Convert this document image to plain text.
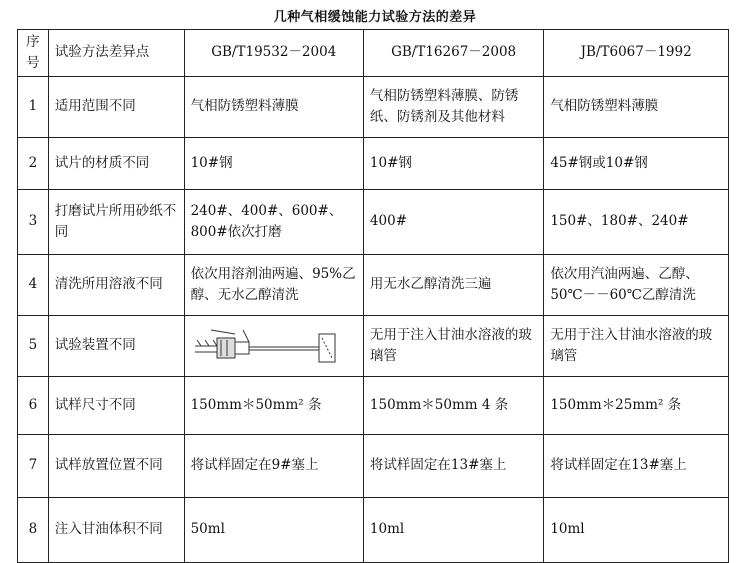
几种气相缓蚀能力试验方法的差异
序号	试验方法差异点	GB/T19532－2004	GB/T16267－2008	JB/T6067－1992
1	适用范围不同	气相防锈塑料薄膜	气相防锈塑料薄膜、防锈纸、防锈剂及其他材料	气相防锈塑料薄膜
2	试片的材质不同	10#钢	10#钢	45#钢或10#钢
3	打磨试片所用砂纸不同	240#、400#、600#、800#依次打磨	400#	150#、180#、240#
4	清洗所用溶液不同	依次用溶剂油两遍、95%乙醇、无水乙醇清洗	用无水乙醇清洗三遍	依次用汽油两遍、乙醇、50℃－－60℃乙醇清洗
5	试验装置不同		无用于注入甘油水溶液的玻璃管	无用于注入甘油水溶液的玻璃管
6	试样尺寸不同	150mm＊50mm² 条	150mm＊50mm 4 条	150mm＊25mm² 条
7	试样放置位置不同	将试样固定在9#塞上	将试样固定在13#塞上	将试样固定在13#塞上
8	注入甘油体积不同	50ml	10ml	10ml
